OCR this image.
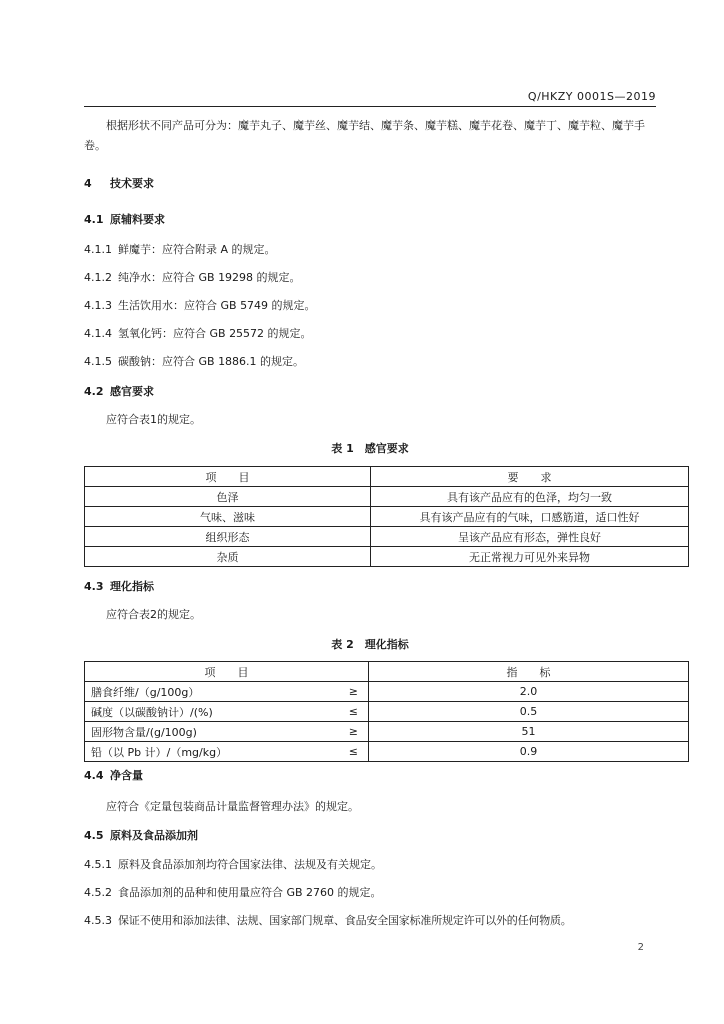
Q/HKZY 0001S—2019
根据形状不同产品可分为：魔芋丸子、魔芋丝、魔芋结、魔芋条、魔芋糕、魔芋花卷、魔芋丁、魔芋粒、魔芋手卷。
4 技术要求
4.1 原辅料要求
4.1.1 鲜魔芋：应符合附录 A 的规定。
4.1.2 纯净水：应符合 GB 19298 的规定。
4.1.3 生活饮用水：应符合 GB 5749 的规定。
4.1.4 氢氧化钙：应符合 GB 25572 的规定。
4.1.5 碳酸钠：应符合 GB 1886.1 的规定。
4.2 感官要求
应符合表1的规定。
表 1　感官要求
项　　目	要　　求
色泽	具有该产品应有的色泽，均匀一致
气味、滋味	具有该产品应有的气味，口感筋道，适口性好
组织形态	呈该产品应有形态，弹性良好
杂质	无正常视力可见外来异物
4.3 理化指标
应符合表2的规定。
表 2　理化指标
项　　目		指　　标
膳食纤维/（g/100g）	≥	2.0
碱度（以碳酸钠计）/(%)	≤	0.5
固形物含量/(g/100g)	≥	51
铅（以 Pb 计）/（mg/kg）	≤	0.9
4.4 净含量
应符合《定量包装商品计量监督管理办法》的规定。
4.5 原料及食品添加剂
4.5.1 原料及食品添加剂均符合国家法律、法规及有关规定。
4.5.2 食品添加剂的品种和使用量应符合 GB 2760 的规定。
4.5.3 保证不使用和添加法律、法规、国家部门规章、食品安全国家标准所规定许可以外的任何物质。
2
